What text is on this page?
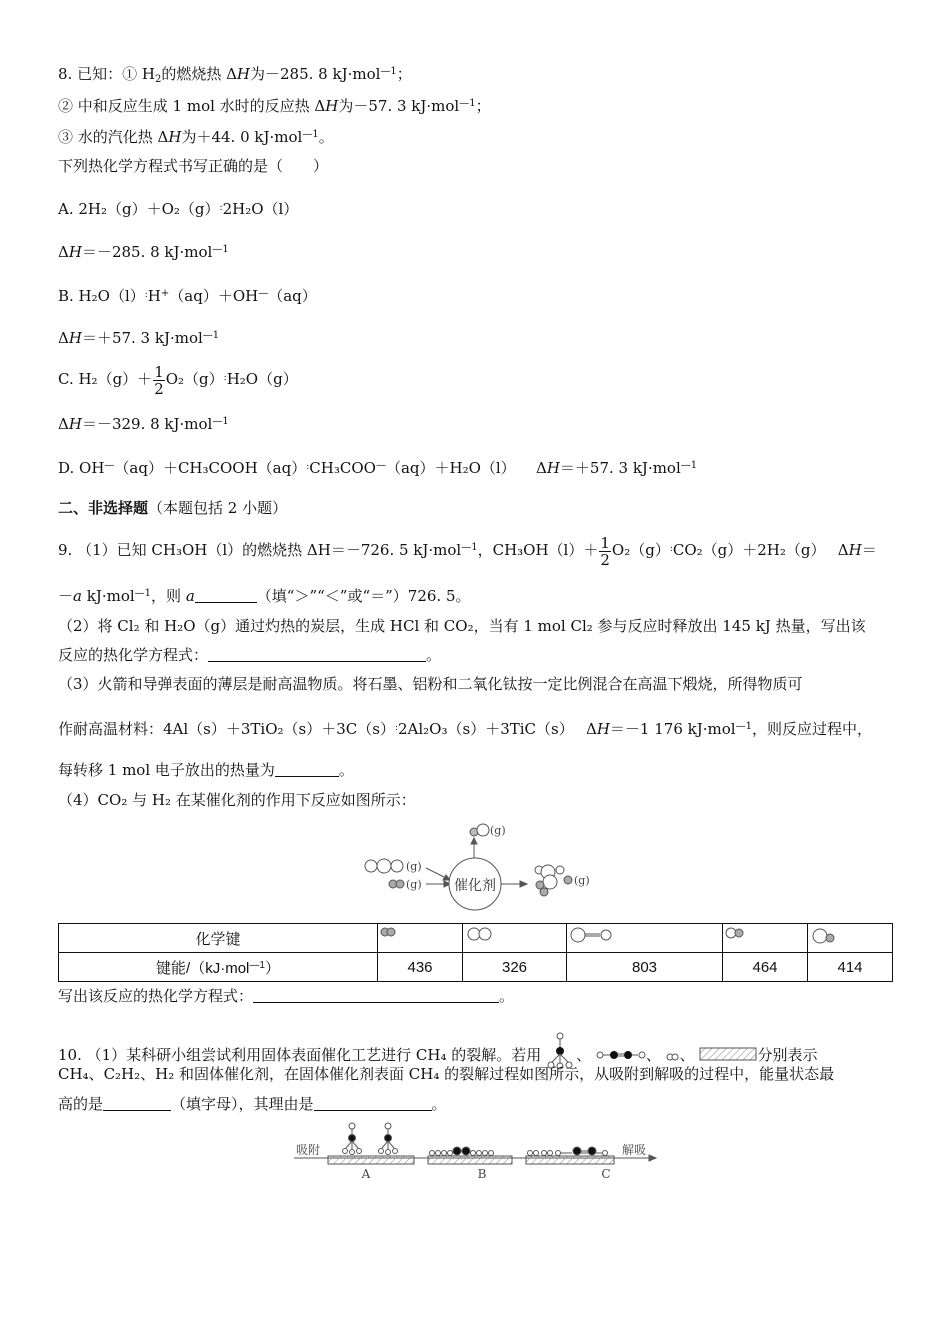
8. 已知：① $H_2$的燃烧热 ΔH为－285. 8 kJ·mol$^{—1}$；
② 中和反应生成 1 mol 水时的反应热 ΔH为－57. 3 kJ·mol$^{—1}$；
③ 水的汽化热 ΔH为＋44. 0 kJ·mol$^{—1}$。
下列热化学方程式书写正确的是（　　）
A. 2H₂（g）＋O₂（g）:2H₂O（l）
ΔH＝－285. 8 kJ·mol$^{—1}$
B. H₂O（l）:H+（aq）＋OH—（aq）
ΔH＝＋57. 3 kJ·mol$^{—1}$
C. $H_2(g)+ \frac{1}{2} O_2(g)^:H_2O(g)$
ΔH＝－329. 8 kJ·mol$^{—1}$
D. OH—（aq）＋CH₃COOH（aq）:CH₃COO—（aq）＋H₂O（l）　 ΔH＝＋57. 3 kJ·mol$^{—1}$
二、非选择题（本题包括 2 小题）
9. （1）已知 CH₃OH（l）的燃烧热 ΔH＝－726. 5 kJ·mol$^{—1}$，$CH_3OH(l)+ \frac{1}{2} O_2(g)^:CO_2(g)+2H_2(g)$　 ΔH＝
－a kJ·mol$^{—1}$，则 a	（填“＞”“＜”或“＝”）726. 5。
（2）将 Cl₂ 和 H₂O（g）通过灼热的炭层，生成 HCl 和 CO₂，当有 1 mol Cl₂ 参与反应时释放出 145 kJ 热量，写出该
反应的热化学方程式：	。
（3）火箭和导弹表面的薄层是耐高温物质。将石墨、铝粉和二氧化钛按一定比例混合在高温下煅烧，所得物质可
作耐高温材料：4Al（s）＋3TiO₂（s）＋3C（s）:2Al₂O₃（s）＋3TiC（s）　 ΔH＝－1 176 kJ·mol$^{—1}$，则反应过程中，
每转移 1 mol 电子放出的热量为	。
（4）CO₂ 与 H₂ 在某催化剂的作用下反应如图所示：
(g)
(g)
(g)	(g)
催化剂
化学键	

键能/（kJ·mol$^{—1}$）	436	326	803	464	414
写出该反应的热化学方程式：	。
10. （1）某科研小组尝试利用固体表面催化工艺进行 CH₄ 的裂解。若用 、	、 、	分别表示
CH₄、C₂H₂、H₂ 和固体催化剂，在固体催化剂表面 CH₄ 的裂解过程如图所示，从吸附到解吸的过程中，能量状态最
高的是	（填字母），其理由是	。
吸附	解吸
A	B	C
